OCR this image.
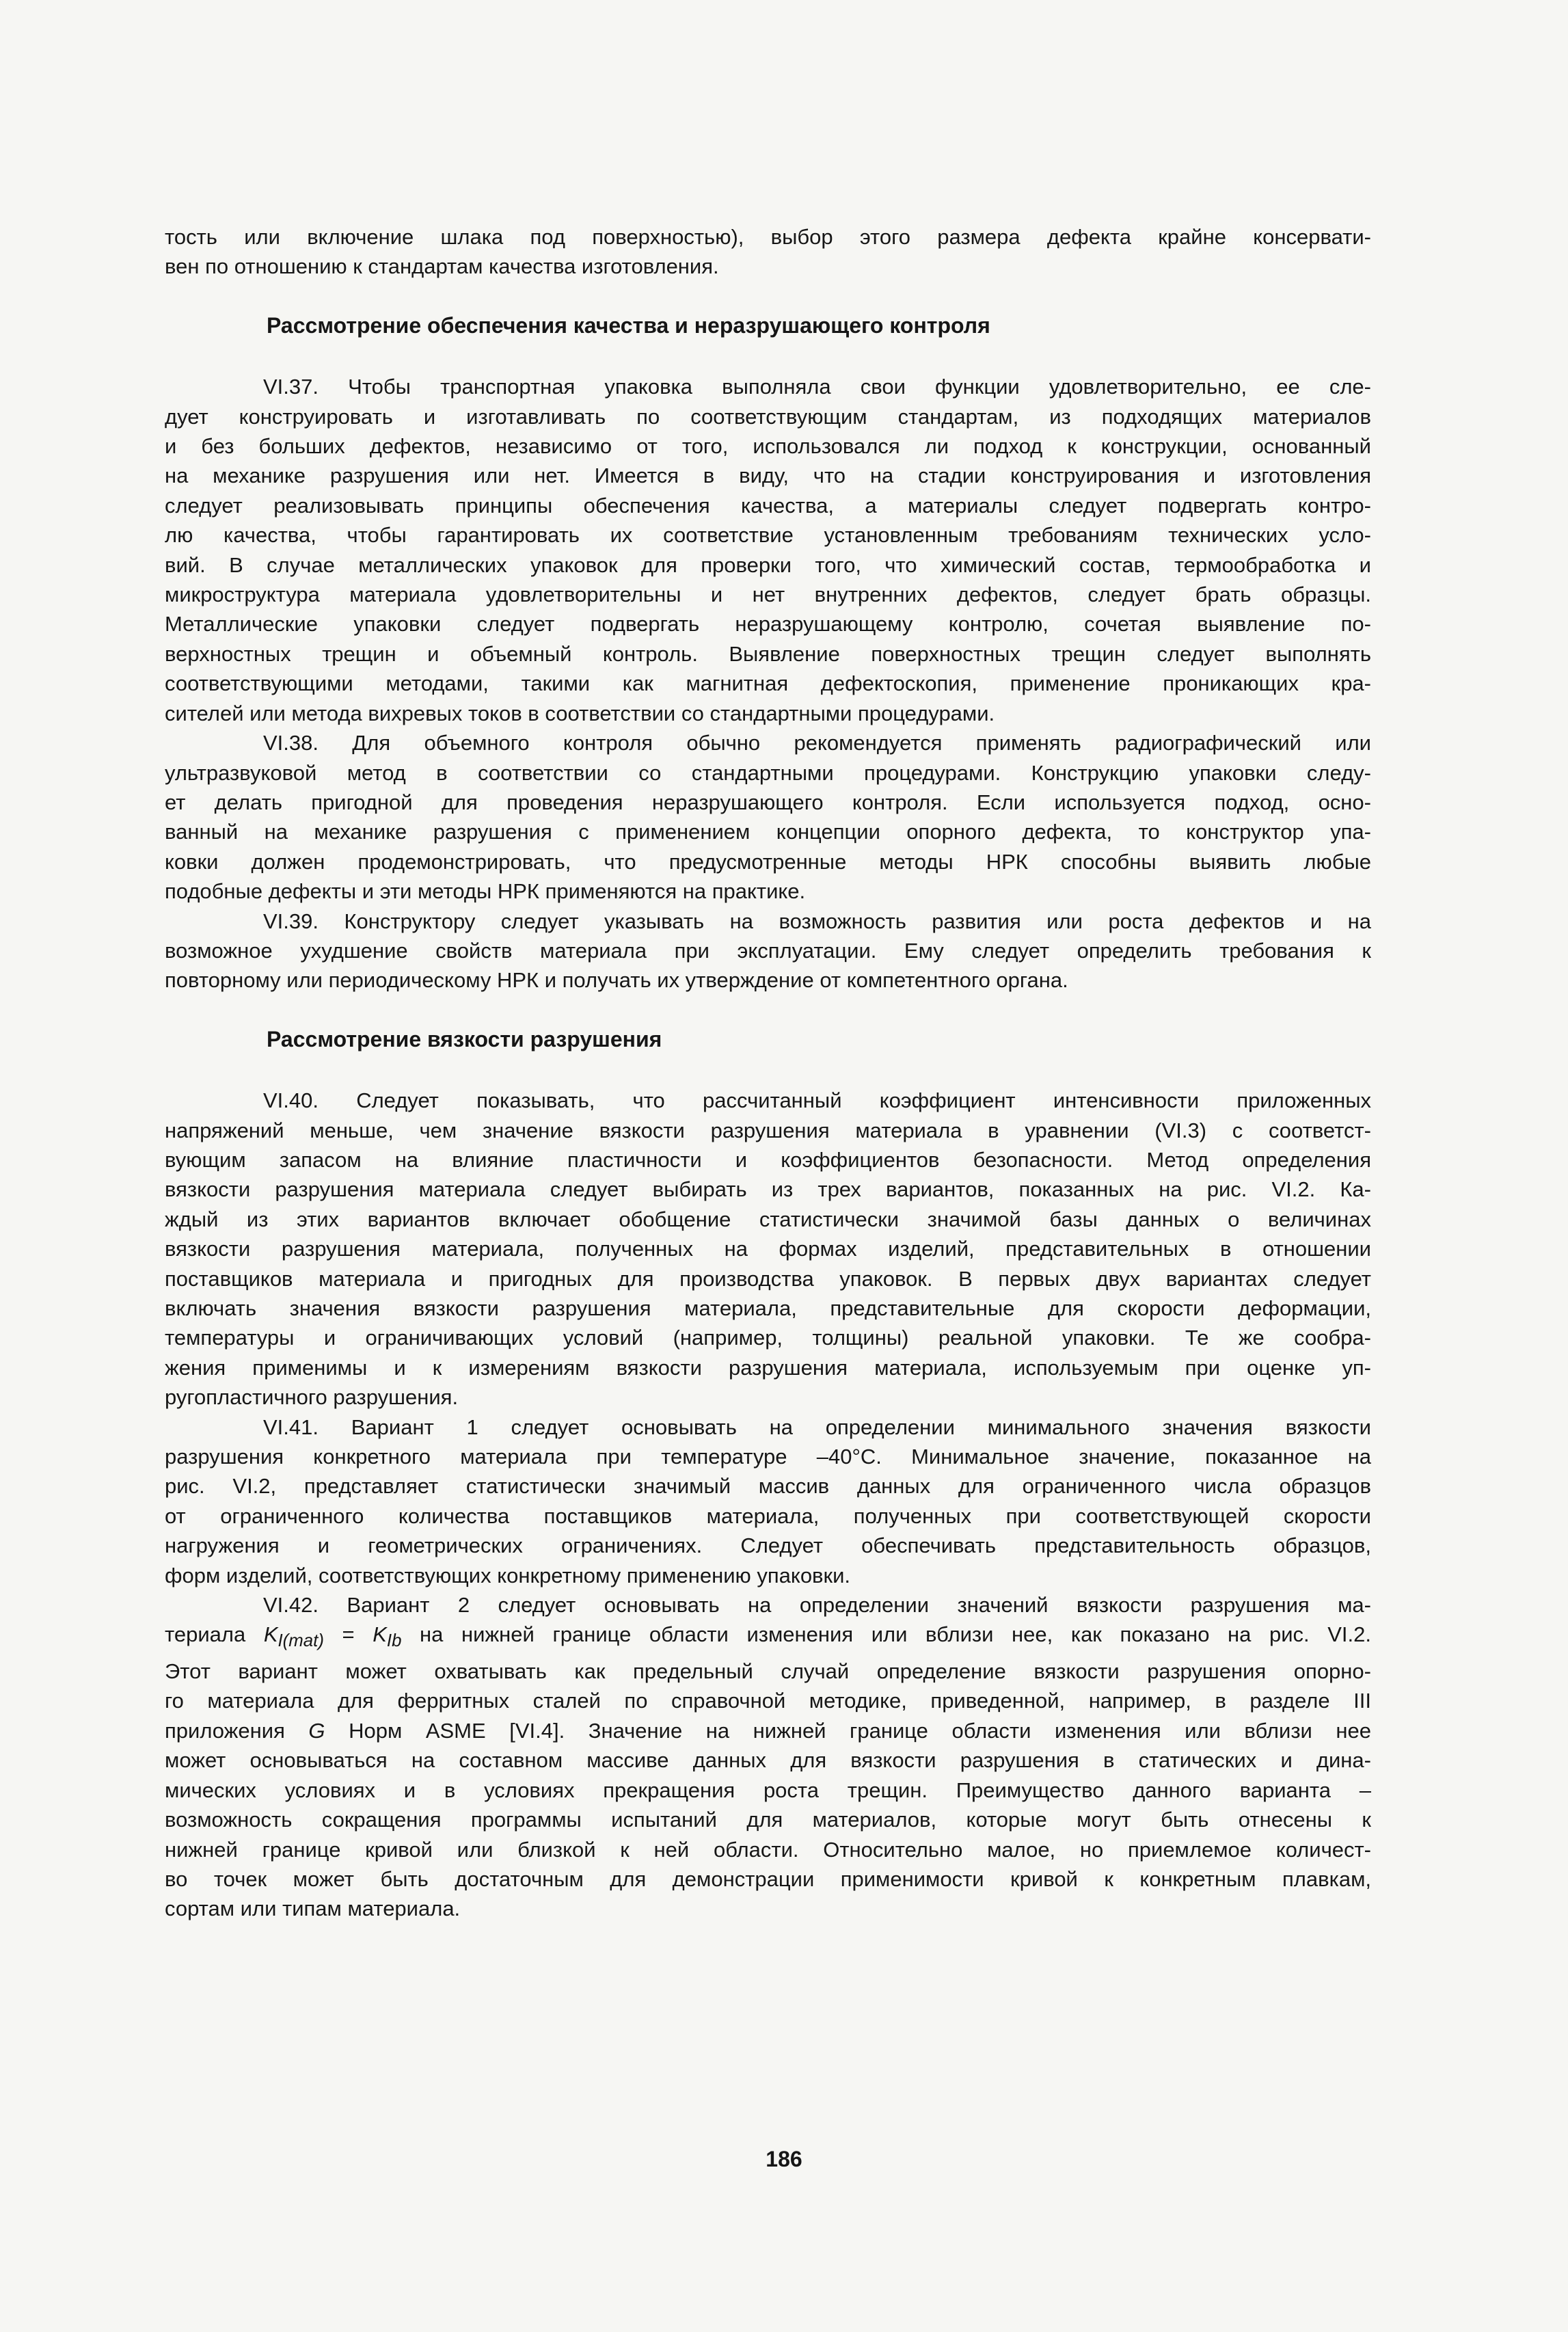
тость или включение шлака под поверхностью), выбор этого размера дефекта крайне консервати-
вен по отношению к стандартам качества изготовления.
Рассмотрение обеспечения качества и неразрушающего контроля
VI.37. Чтобы транспортная упаковка выполняла свои функции удовлетворительно, ее сле-
дует конструировать и изготавливать по соответствующим стандартам, из подходящих материалов
и без больших дефектов, независимо от того, использовался ли подход к конструкции, основанный
на механике разрушения или нет. Имеется в виду, что на стадии конструирования и изготовления
следует реализовывать принципы обеспечения качества, а материалы следует подвергать контро-
лю качества, чтобы гарантировать их соответствие установленным требованиям технических усло-
вий. В случае металлических упаковок для проверки того, что химический состав, термообработка и
микроструктура материала удовлетворительны и нет внутренних дефектов, следует брать образцы.
Металлические упаковки следует подвергать неразрушающему контролю, сочетая выявление по-
верхностных трещин и объемный контроль. Выявление поверхностных трещин следует выполнять
соответствующими методами, такими как магнитная дефектоскопия, применение проникающих кра-
сителей или метода вихревых токов в соответствии со стандартными процедурами.
VI.38. Для объемного контроля обычно рекомендуется применять радиографический или
ультразвуковой метод в соответствии со стандартными процедурами. Конструкцию упаковки следу-
ет делать пригодной для проведения неразрушающего контроля. Если используется подход, осно-
ванный на механике разрушения с применением концепции опорного дефекта, то конструктор упа-
ковки должен продемонстрировать, что предусмотренные методы НРК способны выявить любые
подобные дефекты и эти методы НРК применяются на практике.
VI.39. Конструктору следует указывать на возможность развития или роста дефектов и на
возможное ухудшение свойств материала при эксплуатации. Ему следует определить требования к
повторному или периодическому НРК и получать их утверждение от компетентного органа.
Рассмотрение вязкости разрушения
VI.40. Следует показывать, что рассчитанный коэффициент интенсивности приложенных
напряжений меньше, чем значение вязкости разрушения материала в уравнении (VI.3) с соответст-
вующим запасом на влияние пластичности и коэффициентов безопасности. Метод определения
вязкости разрушения материала следует выбирать из трех вариантов, показанных на рис. VI.2. Ка-
ждый из этих вариантов включает обобщение статистически значимой базы данных о величинах
вязкости разрушения материала, полученных на формах изделий, представительных в отношении
поставщиков материала и пригодных для производства упаковок. В первых двух вариантах следует
включать значения вязкости разрушения материала, представительные для скорости деформации,
температуры и ограничивающих условий (например, толщины) реальной упаковки. Те же сообра-
жения применимы и к измерениям вязкости разрушения материала, используемым при оценке уп-
ругопластичного разрушения.
VI.41. Вариант 1 следует основывать на определении минимального значения вязкости
разрушения конкретного материала при температуре –40°C. Минимальное значение, показанное на
рис. VI.2, представляет статистически значимый массив данных для ограниченного числа образцов
от ограниченного количества поставщиков материала, полученных при соответствующей скорости
нагружения и геометрических ограничениях. Следует обеспечивать представительность образцов,
форм изделий, соответствующих конкретному применению упаковки.
VI.42. Вариант 2 следует основывать на определении значений вязкости разрушения ма-
териала $K_{I(mat)} = K_{Ib}$ на нижней границе области изменения или вблизи нее, как показано на рис. VI.2.
Этот вариант может охватывать как предельный случай определение вязкости разрушения опорно-
го материала для ферритных сталей по справочной методике, приведенной, например, в разделе III
приложения G Норм ASME [VI.4]. Значение на нижней границе области изменения или вблизи нее
может основываться на составном массиве данных для вязкости разрушения в статических и дина-
мических условиях и в условиях прекращения роста трещин. Преимущество данного варианта –
возможность сокращения программы испытаний для материалов, которые могут быть отнесены к
нижней границе кривой или близкой к ней области. Относительно малое, но приемлемое количест-
во точек может быть достаточным для демонстрации применимости кривой к конкретным плавкам,
сортам или типам материала.
186
